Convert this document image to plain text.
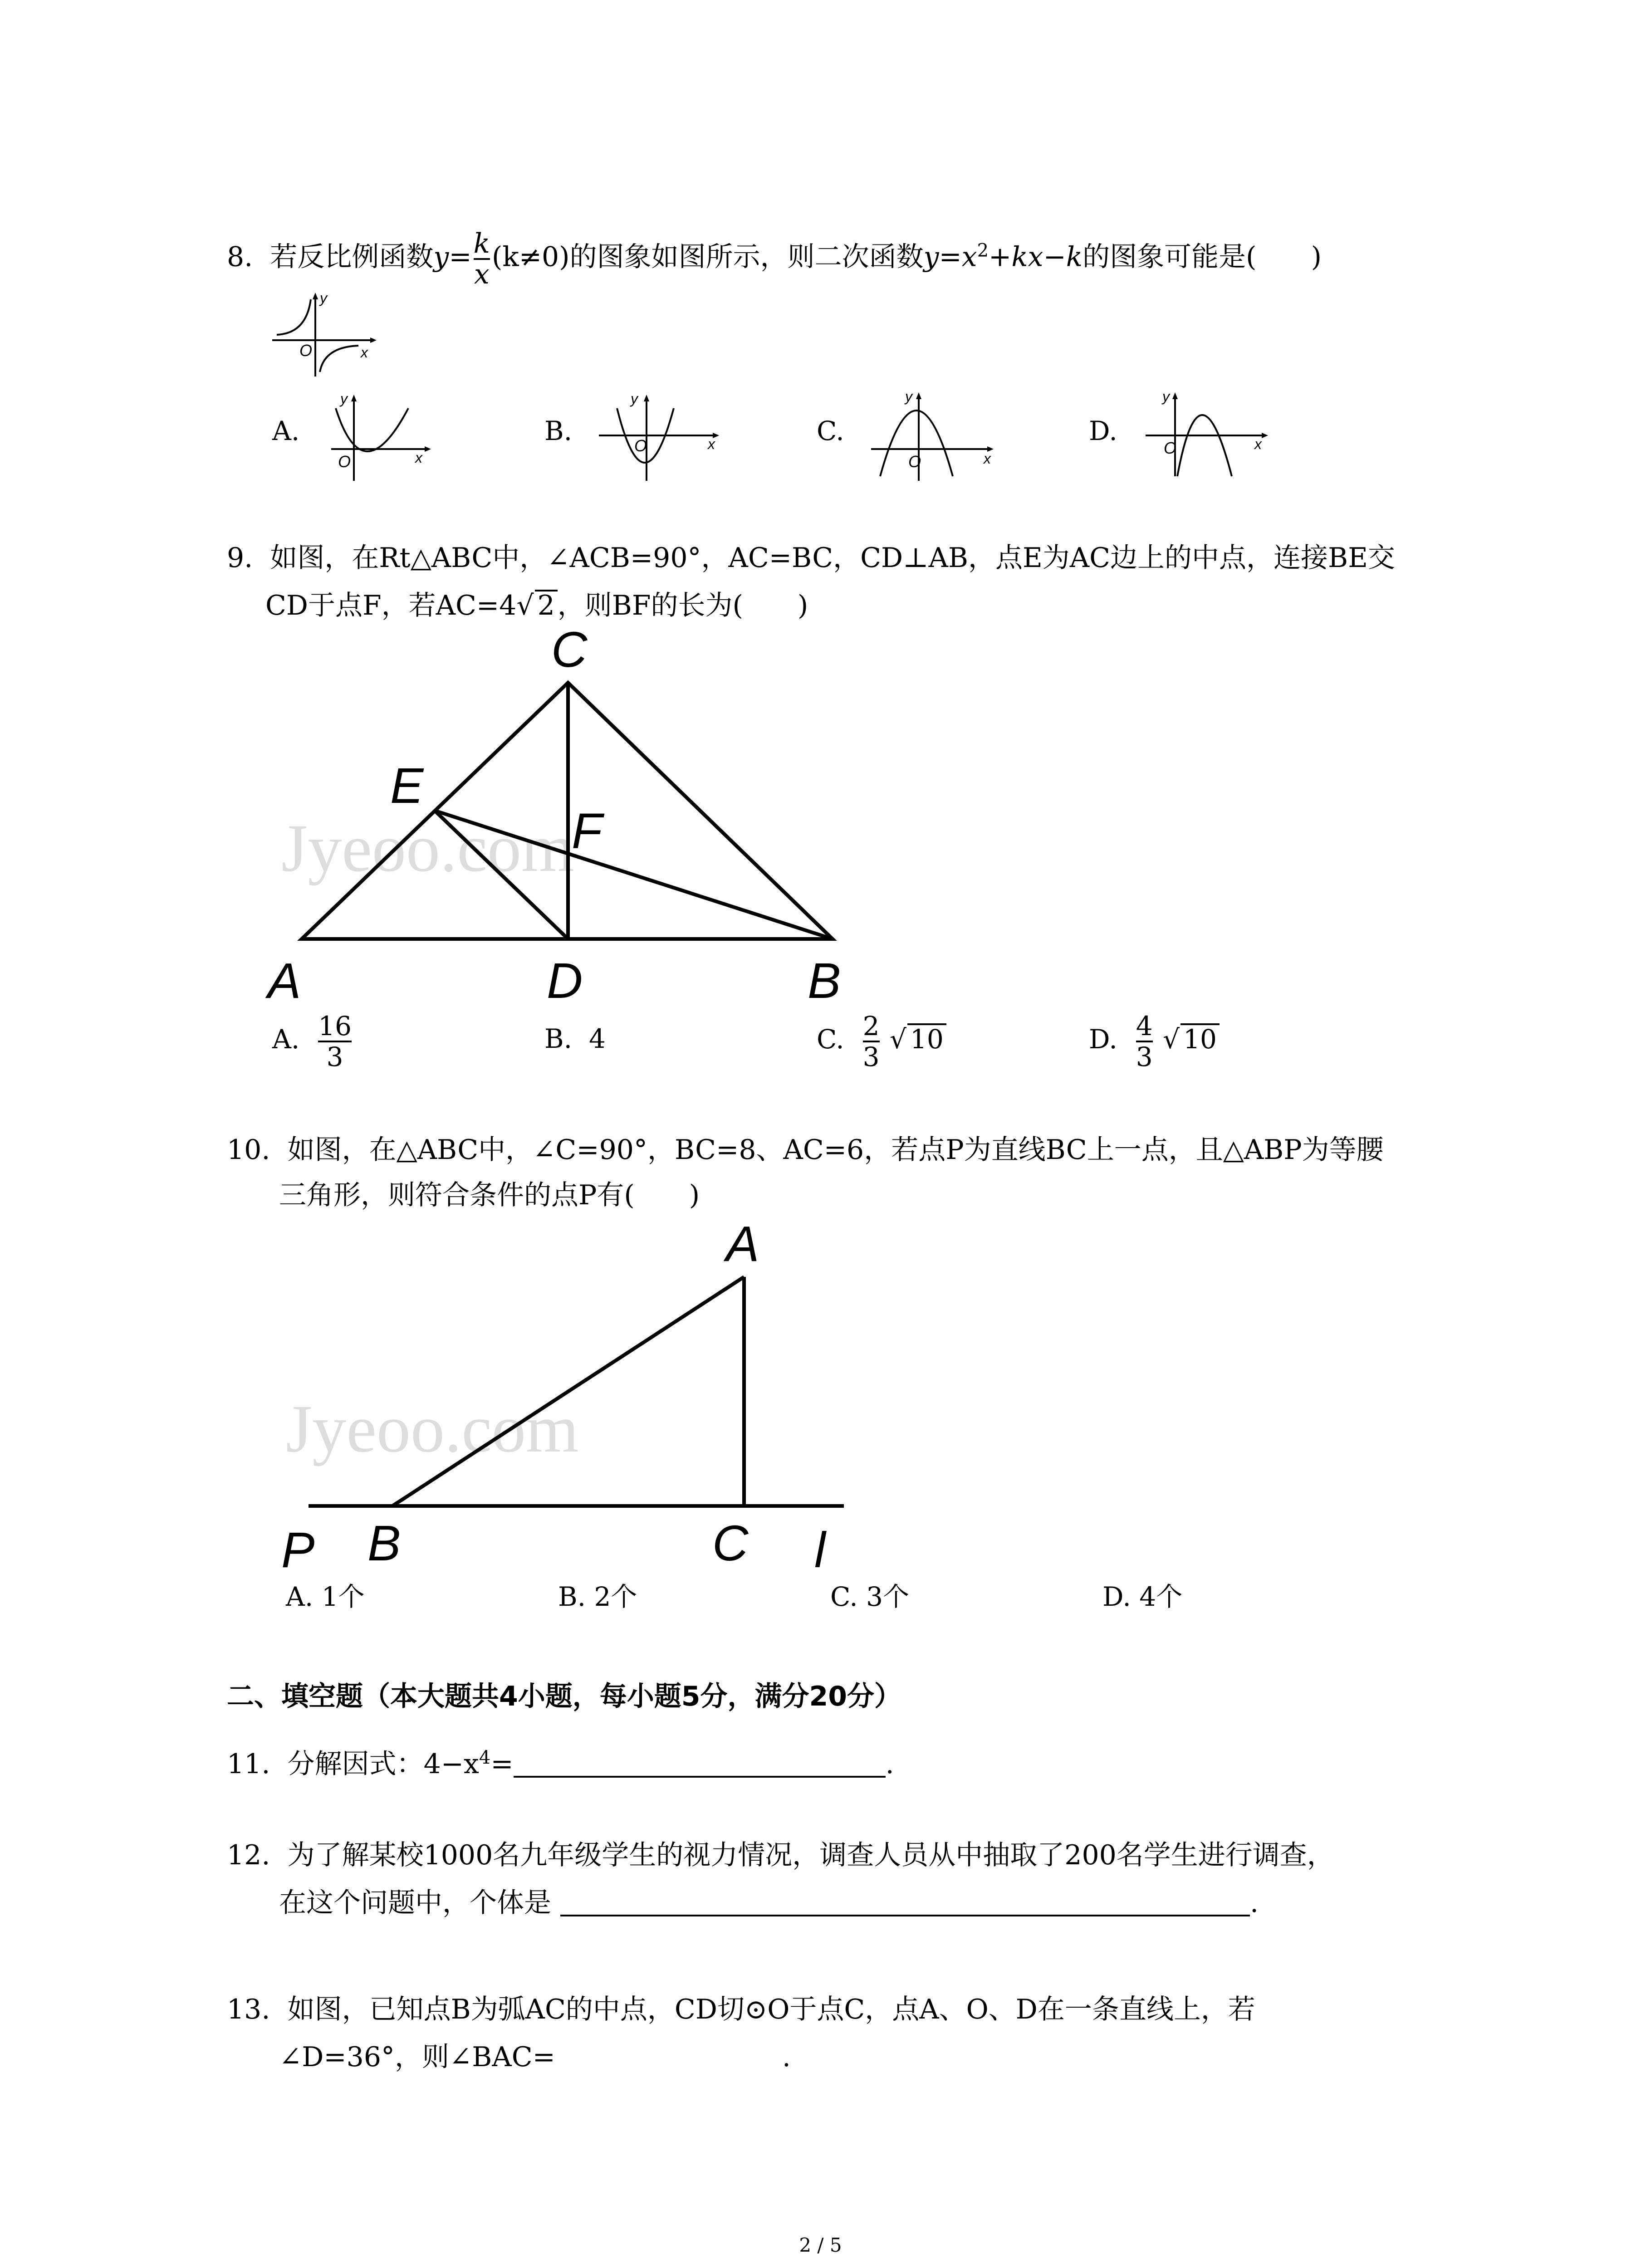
8. 若反比例函数$y= \frac{k}{x} (k\ne 0)$的图象如图所示，则二次函数$y=x^2+kx-k$的图象可能是(　　)
O
y
x
A.	B.	C.	D.
O
y
x
O
y
x
O
y
x
O
y
x
9. 如图，在Rt△ABC中，∠ACB=90°，AC=BC，CD⊥AB，点E为AC边上的中点，连接BE交
CD于点F，若AC=4√ 2 ，则BF的长为(　　)
Jyeoo.com
C
E
F
A	D	B
A. $\frac{16}{3}$	B. 4	C. $\frac{2}{3}$ √ 10	D. $\frac{4}{3}$ √ 10
10. 如图，在△ABC中，∠C=90°，BC=8、AC=6，若点P为直线BC上一点，且△ABP为等腰
三角形，则符合条件的点P有(　　)
Jyeoo.com
A
B	C
P	l
A. 1个	B. 2个	C. 3个	D. 4个
二、填空题（本大题共4小题，每小题5分，满分20分）
11. 分解因式：$4-x^4=$	.
12. 为了解某校1000名九年级学生的视力情况，调查人员从中抽取了200名学生进行调查，
在这个问题中，个体是	.
13. 如图，已知点B为弧AC的中点，CD切⊙O于点C，点A、O、D在一条直线上，若
∠D=36°，则∠BAC=	.
2 / 5
